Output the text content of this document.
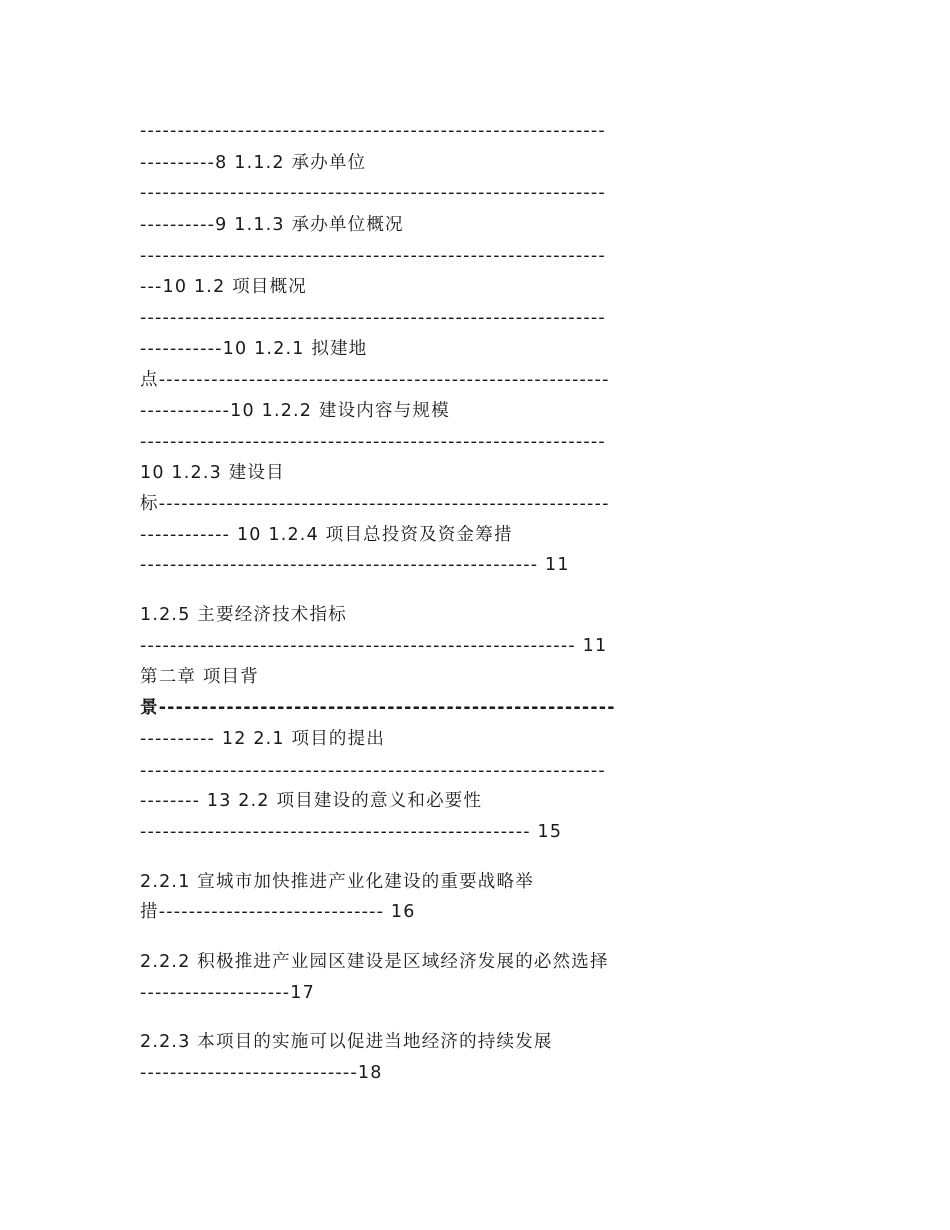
--------------------------------------------------------------
----------8 1.1.2 承办单位
--------------------------------------------------------------
----------9 1.1.3 承办单位概况
--------------------------------------------------------------
---10 1.2 项目概况
--------------------------------------------------------------
-----------10 1.2.1 拟建地
点------------------------------------------------------------
------------10 1.2.2 建设内容与规模
--------------------------------------------------------------
10 1.2.3 建设目
标------------------------------------------------------------
------------ 10 1.2.4 项目总投资及资金筹措
----------------------------------------------------- 11
1.2.5 主要经济技术指标
---------------------------------------------------------- 11
第二章 项目背
景------------------------------------------------------
---------- 12 2.1 项目的提出
--------------------------------------------------------------
-------- 13 2.2 项目建设的意义和必要性
---------------------------------------------------- 15
2.2.1 宣城市加快推进产业化建设的重要战略举
措------------------------------ 16
2.2.2 积极推进产业园区建设是区域经济发展的必然选择
--------------------17
2.2.3 本项目的实施可以促进当地经济的持续发展
-----------------------------18
